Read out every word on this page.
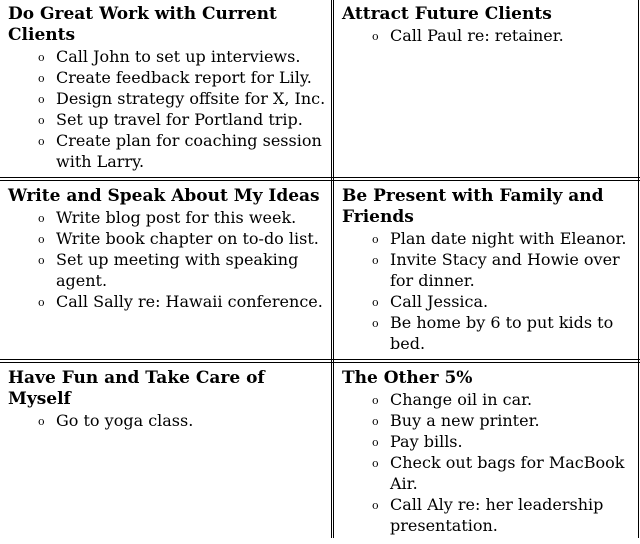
Do Great Work with Current Clients
o Call John to set up interviews.
o Create feedback report for Lily.
o Design strategy offsite for X, Inc.
o Set up travel for Portland trip.
o Create plan for coaching session with Larry.
Attract Future Clients
o Call Paul re: retainer.
Write and Speak About My Ideas
o Write blog post for this week.
o Write book chapter on to-do list.
o Set up meeting with speaking agent.
o Call Sally re: Hawaii conference.
Be Present with Family and Friends
o Plan date night with Eleanor.
o Invite Stacy and Howie over for dinner.
o Call Jessica.
o Be home by 6 to put kids to bed.
Have Fun and Take Care of Myself
o Go to yoga class.
The Other 5%
o Change oil in car.
o Buy a new printer.
o Pay bills.
o Check out bags for MacBook Air.
o Call Aly re: her leadership presentation.
